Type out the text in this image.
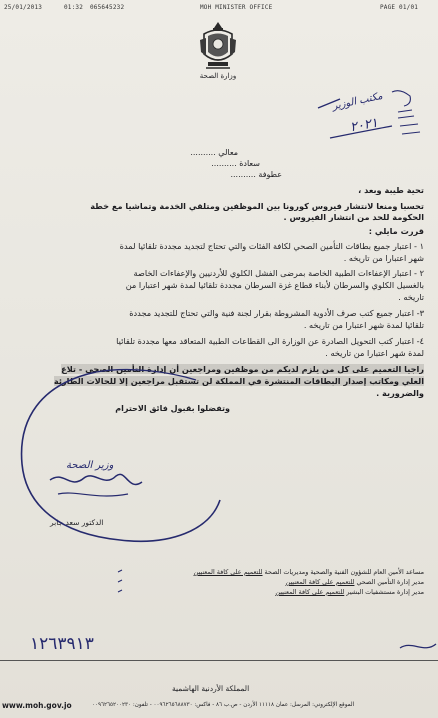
25/01/2013	01:32 065645232	MOH MINISTER OFFICE	PAGE 01/01
وزارة الصحة
مكتب الوزير
٢٠٢١
معالي ..........
سعادة ..........
عطوفة ..........
تحية طيبة وبعد ،
تحسبا ومنعا لانتشار فيروس كورونا بين الموظفين ومتلقي الخدمة وتماشيا مع خطة
الحكومة للحد من انتشار الفيروس .
قررت مايلي :
١ - اعتبار جميع بطاقات التأمين الصحي لكافة الفئات والتي تحتاج لتجديد مجددة تلقائيا لمدة
شهر اعتبارا من تاريخه .
٢ - اعتبار الإعفاءات الطبية الخاصة بمرضى الفشل الكلوي للأردنيين والإعفاءات الخاصة
بالغسيل الكلوي والسرطان لأبناء قطاع غزة السرطان مجددة تلقائيا لمدة شهر اعتبارا من
تاريخه .
٣- اعتبار جميع كتب صرف الأدوية المشروطة بقرار لجنة فنية والتي تحتاج للتجديد مجددة
تلقائيا لمدة شهر اعتبارا من تاريخه .
٤- اعتبار كتب التحويل الصادرة عن الوزارة الى القطاعات الطبية المتعاقد معها مجددة تلقائيا
لمدة شهر اعتبارا من تاريخه .
راجيا التعميم على كل من يلزم لديكم من موظفين ومراجعين أن إدارة التأمين الصحي - تلاع
العلي ومكاتب إصدار البطاقات المنتشرة في المملكة لن تستقبل مراجعين إلا للحالات الطارئة
والضرورية .
وتفضلوا بقبول فائق الاحترام
وزير الصحة
الدكتور سعد جابر
مساعد الأمين العام للشؤون الفنية والصحية ومديريات الصحة للتعميم على كافة المعنيين
مدير إدارة التأمين الصحي للتعميم على كافة المعنيين
مدير إدارة مستشفيات البشير للتعميم على كافة المعنيين
١٢٦٣٩١٣
المملكة الأردنية الهاشمية
www.moh.gov.jo	الموقع الإلكتروني: المرسل: عمان ١١١١٨ الأردن - ص.ب ٨٦ - فاكس: ٠٠٩٦٢٦٥٦٨٨٧٣٠ - تلفون: ٠٠٩٦٢٦٥٢٠٠٢٣٠
